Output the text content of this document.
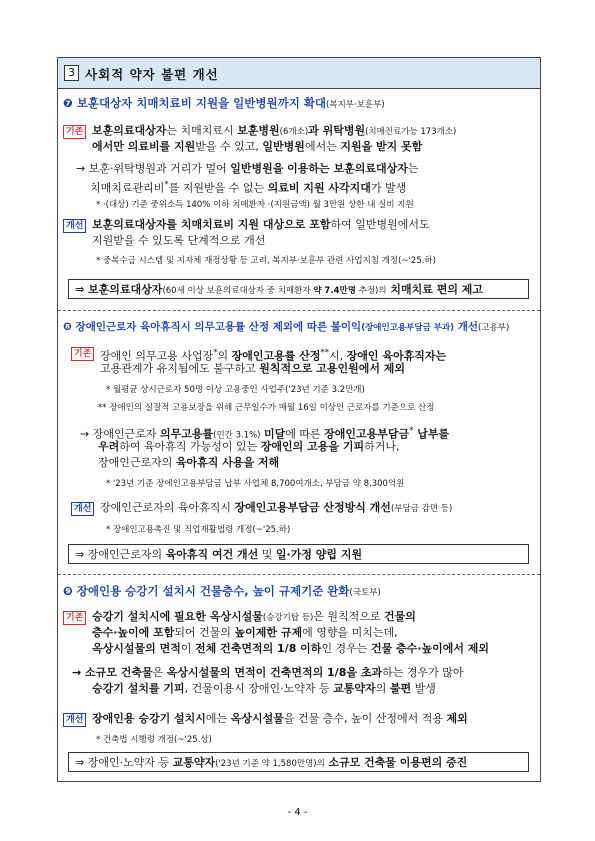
3 사회적 약자 불편 개선
❼ 보훈대상자 치매치료비 지원을 일반병원까지 확대(복지부·보훈부)
기존 보훈의료대상자는 치매치료시 보훈병원(6개소)과 위탁병원(치매진료가능 173개소)
에서만 의료비를 지원받을 수 있고, 일반병원에서는 지원을 받지 못함
→ 보훈·위탁병원과 거리가 멀어 일반병원을 이용하는 보훈의료대상자는
치매치료관리비*를 지원받을 수 없는 의료비 지원 사각지대가 발생
* ·(대상) 기준 중위소득 140% 이하 치매환자 ·(지원금액) 월 3만원 상한 내 실비 지원
개선 보훈의료대상자를 치매치료비 지원 대상으로 포함하여 일반병원에서도
지원받을 수 있도록 단계적으로 개선
* 중복수급 시스템 및 지자체 재정상황 등 고려, 복지부·보훈부 관련 사업지침 개정(~'25.하)
⇒ 보훈의료대상자(60세 이상 보훈의료대상자 중 치매환자 약 7.4만명 추정)의 치매치료 편의 제고
❽ 장애인근로자 육아휴직시 의무고용률 산정 제외에 따른 불이익(장애인고용부담금 부과) 개선(고용부)
기존 장애인 의무고용 사업장*의 장애인고용률 산정**시, 장애인 육아휴직자는
고용관계가 유지됨에도 불구하고 원칙적으로 고용인원에서 제외
* 월평균 상시근로자 50명 이상 고용중인 사업주('23년 기준 3.2만개)
** 장애인의 실질적 고용보장을 위해 근무일수가 매월 16일 이상인 근로자를 기준으로 산정
→ 장애인근로자 의무고용률(민간 3.1%) 미달에 따른 장애인고용부담금* 납부를
우려하여 육아휴직 가능성이 있는 장애인의 고용을 기피하거나,
장애인근로자의 육아휴직 사용을 저해
* '23년 기준 장애인고용부담금 납부 사업체 8,700여개소, 부담금 약 8,300억원
개선 장애인근로자의 육아휴직시 장애인고용부담금 산정방식 개선(부담금 감면 등)
* 장애인고용촉진 및 직업재활법령 개정(~'25.하)
⇒ 장애인근로자의 육아휴직 여건 개선 및 일·가정 양립 지원
❾ 장애인용 승강기 설치시 건물층수, 높이 규제기준 완화(국토부)
기존 승강기 설치시에 필요한 옥상시설물(승강기탑 등)은 원칙적으로 건물의
층수·높이에 포함되어 건물의 높이제한 규제에 영향을 미치는데,
옥상시설물의 면적이 전체 건축면적의 1/8 이하인 경우는 건물 층수·높이에서 제외
→ 소규모 건축물은 옥상시설물의 면적이 건축면적의 1/8을 초과하는 경우가 많아
승강기 설치를 기피, 건물이용시 장애인·노약자 등 교통약자의 불편 발생
개선 장애인용 승강기 설치시에는 옥상시설물을 건물 층수, 높이 산정에서 적용 제외
* 건축법 시행령 개정(~'25.상)
⇒ 장애인·노약자 등 교통약자('23년 기준 약 1,580만명)의 소규모 건축물 이용편의 증진
- 4 -
